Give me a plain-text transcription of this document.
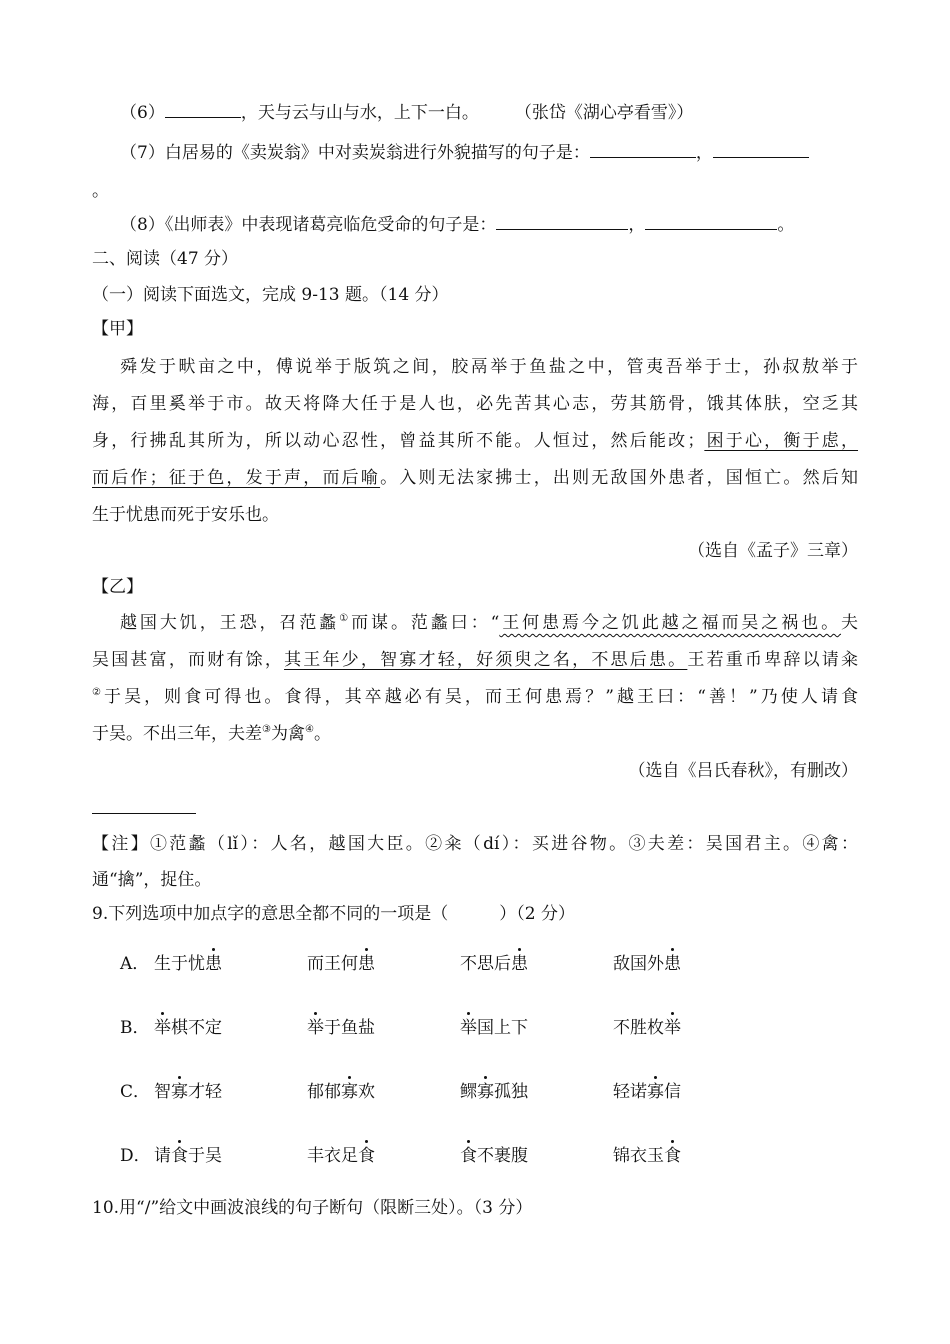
（6）	，天与云与山与水，上下一白。 （张岱《湖心亭看雪》）
（7）白居易的《卖炭翁》中对卖炭翁进行外貌描写的句子是：	，
。
（8）《出师表》中表现诸葛亮临危受命的句子是：	，	。
二、阅读（47 分）
（一）阅读下面选文，完成 9-13 题。（14 分）
【甲】
舜发于畎亩之中，傅说举于版筑之间，胶鬲举于鱼盐之中，管夷吾举于士，孙叔敖举于
海，百里奚举于市。故天将降大任于是人也，必先苦其心志，劳其筋骨，饿其体肤，空乏其
身，行拂乱其所为，所以动心忍性，曾益其所不能。人恒过，然后能改；困于心，衡于虑，
而后作；征于色，发于声，而后喻。入则无法家拂士，出则无敌国外患者，国恒亡。然后知
生于忧患而死于安乐也。
（选自《孟子》三章）
【乙】
越国大饥，王恐，召范蠡①而谋。范蠡曰：“王何患焉今之饥此越之福而吴之祸也。夫
吴国甚富，而财有馀，其王年少，智寡才轻，好须臾之名，不思后患。王若重币卑辞以请籴
②于吴，则食可得也。食得，其卒越必有吴，而王何患焉？”越王曰：“善！”乃使人请食
于吴。不出三年，夫差③为禽④。
（选自《吕氏春秋》，有删改）
【注】①范蠡（lǐ）：人名，越国大臣。②籴（dí）：买进谷物。③夫差：吴国君主。④禽：
通“擒”，捉住。
9.下列选项中加点字的意思全都不同的一项是（　　　）（2 分）
A． 生于忧患	而王何患	不思后患	敌国外患
B． 举棋不定	举于鱼盐	举国上下	不胜枚举
C． 智寡才轻	郁郁寡欢	鳏寡孤独	轻诺寡信
D． 请食于吴	丰衣足食	食不裹腹	锦衣玉食
10.用“/”给文中画波浪线的句子断句（限断三处）。（3 分）
